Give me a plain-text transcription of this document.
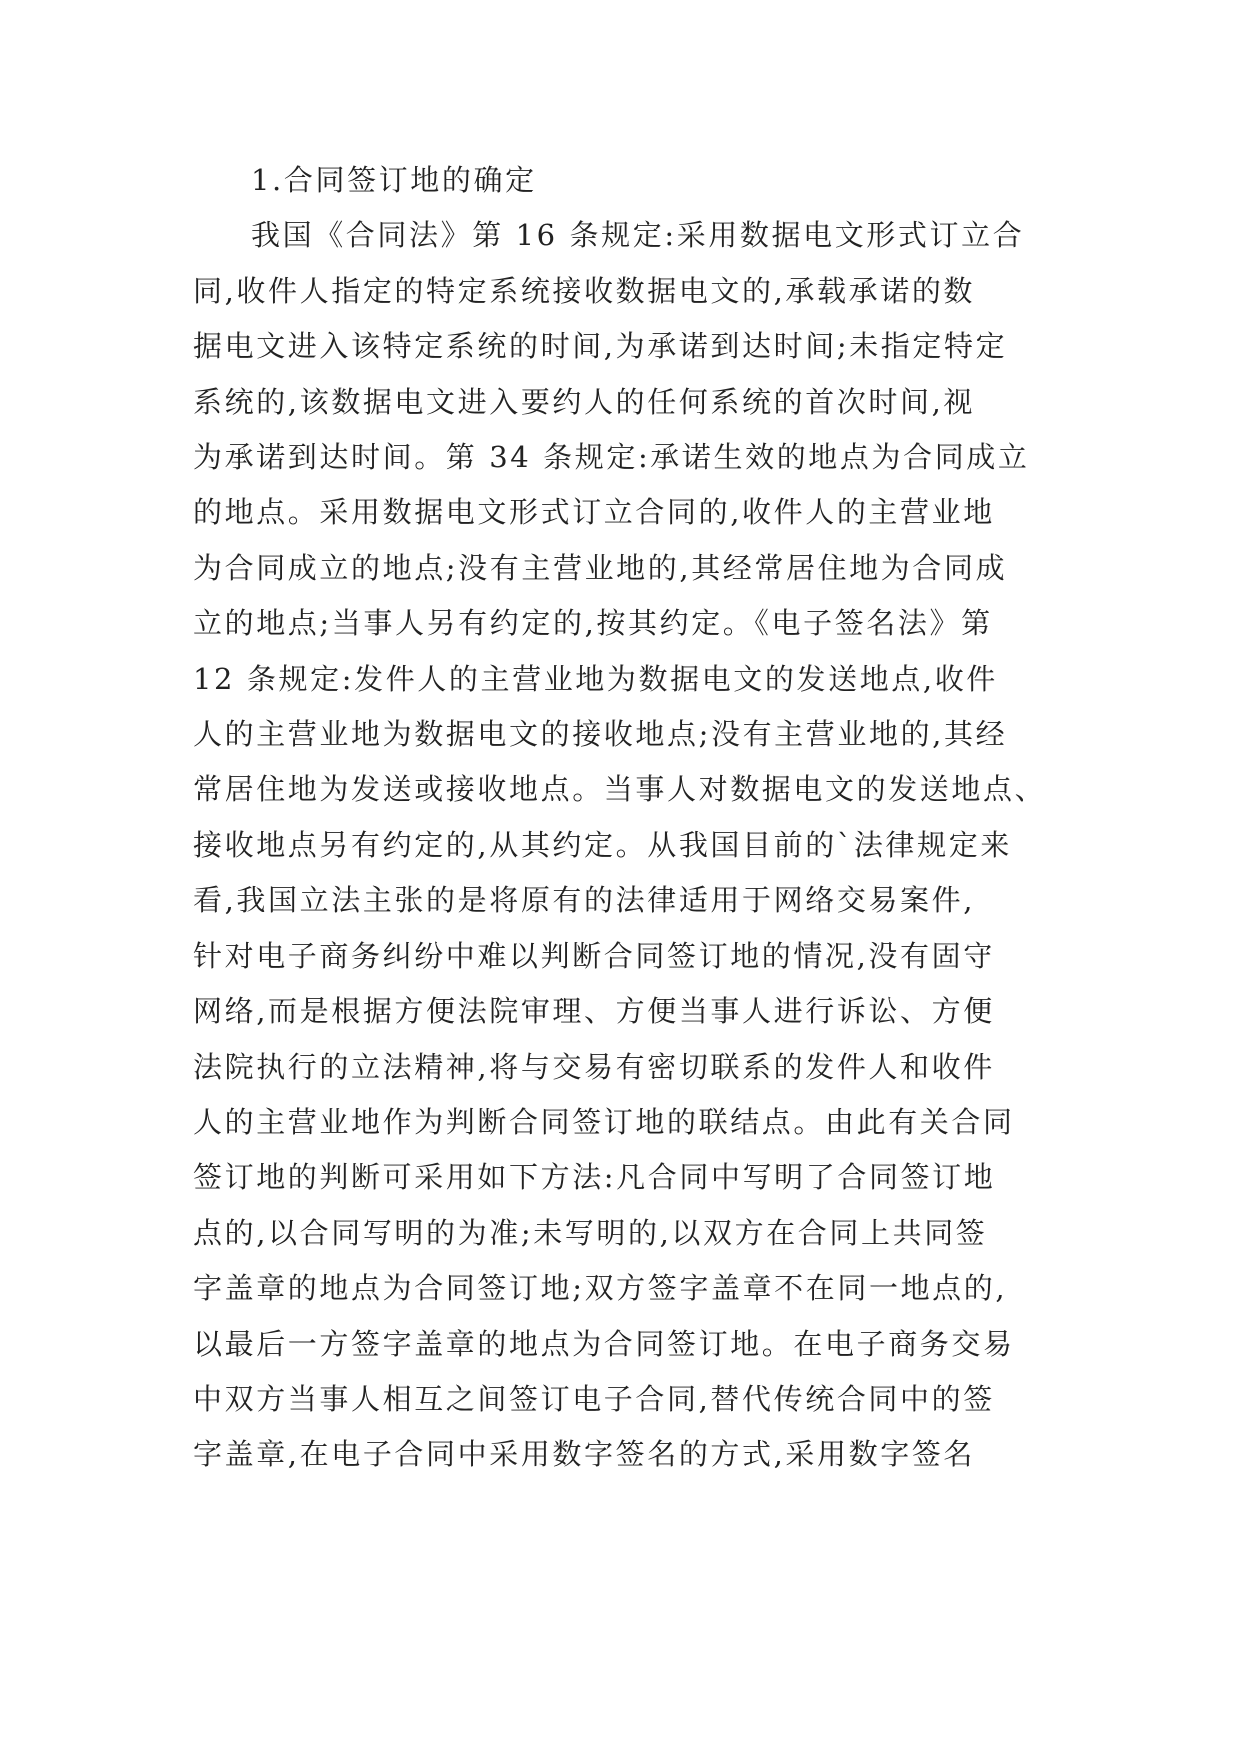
1.合同签订地的确定
我国《合同法》第 16 条规定:采用数据电文形式订立合
同,收件人指定的特定系统接收数据电文的,承载承诺的数
据电文进入该特定系统的时间,为承诺到达时间;未指定特定
系统的,该数据电文进入要约人的任何系统的首次时间,视
为承诺到达时间。第 34 条规定:承诺生效的地点为合同成立
的地点。采用数据电文形式订立合同的,收件人的主营业地
为合同成立的地点;没有主营业地的,其经常居住地为合同成
立的地点;当事人另有约定的,按其约定。《电子签名法》第
12 条规定:发件人的主营业地为数据电文的发送地点,收件
人的主营业地为数据电文的接收地点;没有主营业地的,其经
常居住地为发送或接收地点。当事人对数据电文的发送地点、
接收地点另有约定的,从其约定。从我国目前的`法律规定来
看,我国立法主张的是将原有的法律适用于网络交易案件,
针对电子商务纠纷中难以判断合同签订地的情况,没有固守
网络,而是根据方便法院审理、方便当事人进行诉讼、方便
法院执行的立法精神,将与交易有密切联系的发件人和收件
人的主营业地作为判断合同签订地的联结点。由此有关合同
签订地的判断可采用如下方法:凡合同中写明了合同签订地
点的,以合同写明的为准;未写明的,以双方在合同上共同签
字盖章的地点为合同签订地;双方签字盖章不在同一地点的,
以最后一方签字盖章的地点为合同签订地。在电子商务交易
中双方当事人相互之间签订电子合同,替代传统合同中的签
字盖章,在电子合同中采用数字签名的方式,采用数字签名
